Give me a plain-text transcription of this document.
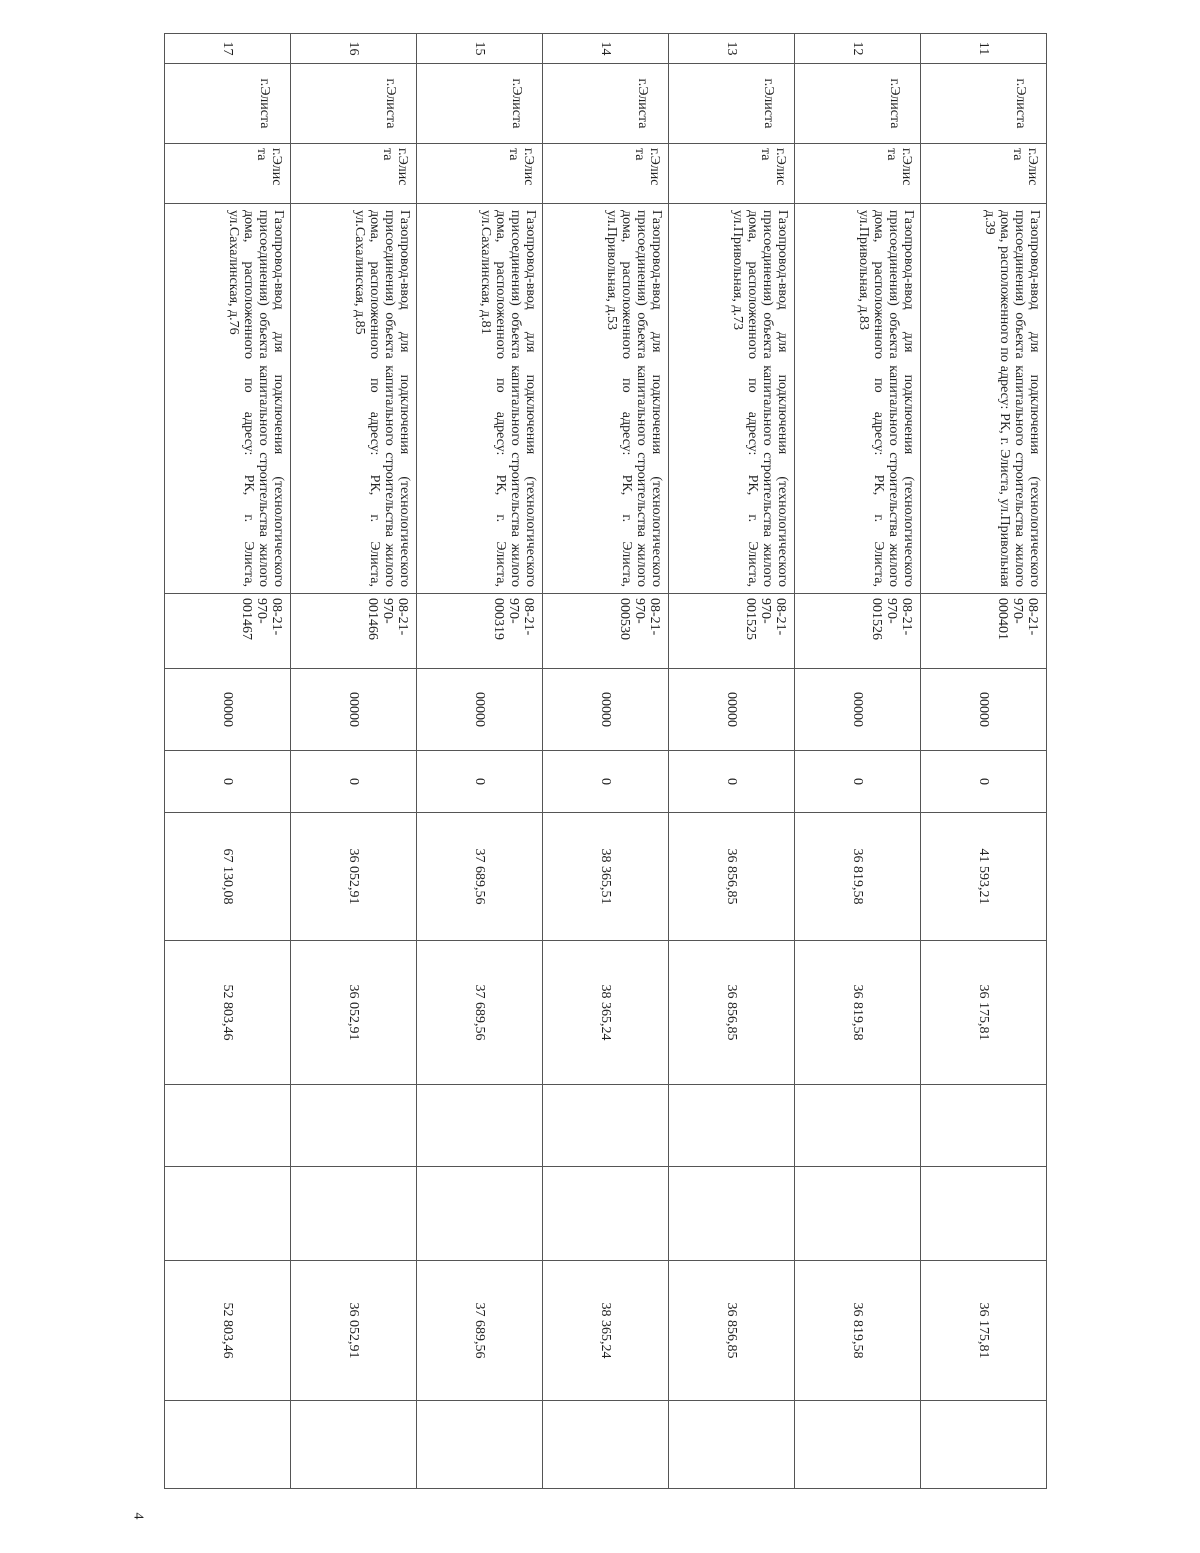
4
11	г.Элиста	г.Элис та	Газопровод-ввод для подключения (технологического присоединения) объекта капитального строительства жилого дома, расположенного по адресу: РК, г. Элиста, ул.Привольная д.39	08-21- 970- 000401	00000	0	41 593,21	36 175,81			36 175,81	
12	г.Элиста	г.Элис та	Газопровод-ввод для подключения (технологического присоединения) объекта капитального строительства жилого дома, расположенного по адресу: РК, г. Элиста, ул.Привольная, д.83	08-21- 970- 001526	00000	0	36 819,58	36 819,58			36 819,58	
13	г.Элиста	г.Элис та	Газопровод-ввод для подключения (технологического присоединения) объекта капитального строительства жилого дома, расположенного по адресу: РК, г. Элиста, ул.Привольная, д.73	08-21- 970- 001525	00000	0	36 856,85	36 856,85			36 856,85	
14	г.Элиста	г.Элис та	Газопровод-ввод для подключения (технологического присоединения) объекта капитального строительства жилого дома, расположенного по адресу: РК, г. Элиста, ул.Привольная, д.53	08-21- 970- 000530	00000	0	38 365,51	38 365,24			38 365,24	
15	г.Элиста	г.Элис та	Газопровод-ввод для подключения (технологического присоединения) объекта капитального строительства жилого дома, расположенного по адресу: РК, г. Элиста, ул.Сахалинская, д.81	08-21- 970- 000319	00000	0	37 689,56	37 689,56			37 689,56	
16	г.Элиста	г.Элис та	Газопровод-ввод для подключения (технологического присоединения) объекта капитального строительства жилого дома, расположенного по адресу: РК, г. Элиста, ул.Сахалинская, д.85	08-21- 970- 001466	00000	0	36 052,91	36 052,91			36 052,91	
17	г.Элиста	г.Элис та	Газопровод-ввод для подключения (технологического присоединения) объекта капитального строительства жилого дома, расположенного по адресу: РК, г. Элиста, ул.Сахалинская, д.76	08-21- 970- 001467	00000	0	67 130,08	52 803,46			52 803,46	
